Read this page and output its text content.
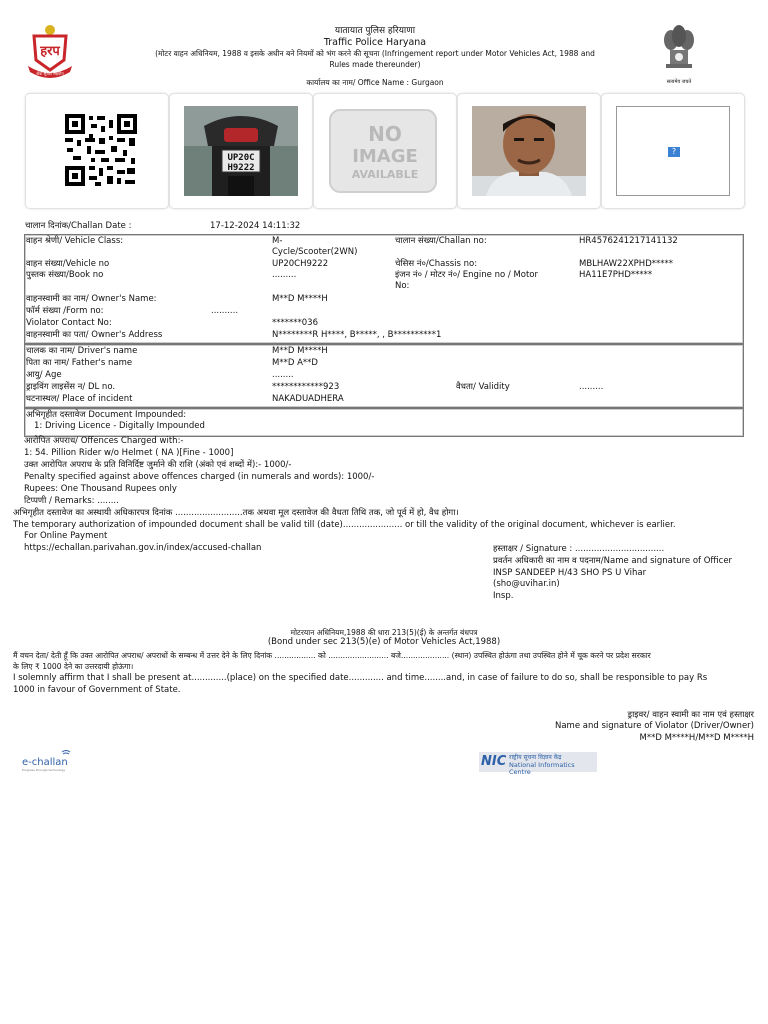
हरप
सेवा सुरक्षा सहयोग
यातायात पुलिस हरियाणा
Traffic Police Haryana
(मोटर वाहन अधिनियम, 1988 व इसके अधीन बने नियमों को भंग करने की सूचना (Infringement report under Motor Vehicles Act, 1988 and
Rules made thereunder)
कार्यालय का नाम/ Office Name : Gurgaon	सत्यमेव जयते
UP20C
H9222
NO
IMAGE
AVAILABLE
?
चालान दिनांक/Challan Date :	17-12-2024 14:11:32
वाहन श्रेणी/ Vehicle Class:	M-
Cycle/Scooter(2WN)
चालान संख्या/Challan no:	HR4576241217141132
वाहन संख्या/Vehicle no	UP20CH9222	चेसिस नं०/Chassis no:	MBLHAW22XPHD*****
पुस्तक संख्या/Book no	.........	इंजन नं० / मोटर नं०/ Engine no / Motor
No:
HA11E7PHD*****
वाहनस्वामी का नाम/ Owner's Name:	M**D M****H
फॉर्म संख्या /Form no:	..........
Violator Contact No:	*******036
वाहनस्वामी का पता/ Owner's Address	N********R H****, B*****, , B**********1
चालक का नाम/ Driver's name	M**D M****H
पिता का नाम/ Father's name	M**D A**D
आयु/ Age	........
ड्राइविंग लाइसेंस न/ DL no.	************923	वैधता/ Validity	.........
घटनास्थल/ Place of incident	NAKADUADHERA
अभिगृहीत दस्तावेज Document Impounded:
1: Driving Licence - Digitally Impounded
आरोपित अपराध/ Offences Charged with:-
1: 54. Pillion Rider w/o Helmet ( NA )[Fine - 1000]
उक्त आरोपित अपराध के प्रति विनिर्दिष्ट जुर्माने की राशि (अंको एवं शब्दों में):- 1000/-
Penalty specified against above offences charged (in numerals and words): 1000/-
Rupees: One Thousand Rupees only
टिप्पणी / Remarks: ........
अभिगृहीत दस्तावेज का अस्थायी अधिकारपत्र दिनांक .........................तक अथवा मूल दस्तावेज की वैधता तिथि तक, जो पूर्व में हो, वैध होगा।
The temporary authorization of impounded document shall be valid till (date)...................... or till the validity of the original document, whichever is earlier.
For Online Payment
https://echallan.parivahan.gov.in/index/accused-challan	हस्ताक्षर / Signature : .................................
प्रवर्तन अधिकारी का नाम व पदनाम/Name and signature of Officer
INSP SANDEEP H/43 SHO PS U Vihar
(sho@uvihar.in)
Insp.
मोटरयान अधिनियम,1988 की धारा 213(5)(ई) के अन्तर्गत बंधपत्र
(Bond under sec 213(5)(e) of Motor Vehicles Act,1988)
मैं वचन देता/ देती हूँ कि उक्त आरोपित अपराध/ अपराधों के सम्बन्ध में उत्तर देने के लिए दिनांक ................. को ......................... बजे.................... (स्थान) उपस्थित होऊंगा तथा उपस्थित होने में चूक करने पर प्रदेश सरकार
के लिए ₹ 1000 देने का उत्तरदायी होऊंगा।
I solemnly affirm that I shall be present at.............(place) on the specified date............. and time........and, in case of failure to do so, shall be responsible to pay Rs
1000 in favour of Government of State.
ड्राइवर/ वाहन स्वामी का नाम एवं हस्ताक्षर
Name and signature of Violator (Driver/Owner)
M**D M****H/M**D M****H
e-challan
Progress through technology
NIC राष्ट्रीय सूचना विज्ञान केंद्र
National Informatics Centre
